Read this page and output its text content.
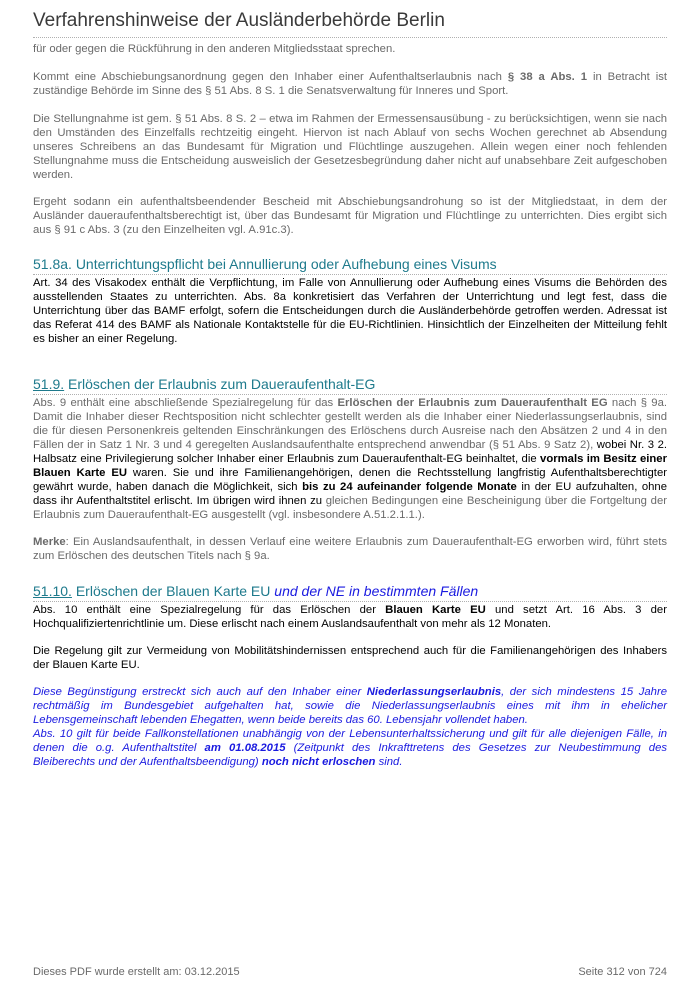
Verfahrenshinweise der Ausländerbehörde Berlin

für oder gegen die Rückführung in den anderen Mitgliedsstaat sprechen.

Kommt eine Abschiebungsanordnung gegen den Inhaber einer Aufenthaltserlaubnis nach § 38 a Abs. 1 in Betracht ist zuständige Behörde im Sinne des § 51 Abs. 8 S. 1 die Senatsverwaltung für Inneres und Sport.

Die Stellungnahme ist gem. § 51 Abs. 8 S. 2 – etwa im Rahmen der Ermessensausübung - zu berücksichtigen, wenn sie nach den Umständen des Einzelfalls rechtzeitig eingeht. Hiervon ist nach Ablauf von sechs Wochen gerechnet ab Absendung unseres Schreibens an das Bundesamt für Migration und Flüchtlinge auszugehen. Allein wegen einer noch fehlenden Stellungnahme muss die Entscheidung ausweislich der Gesetzesbegründung daher nicht auf unabsehbare Zeit aufgeschoben werden.

Ergeht sodann ein aufenthaltsbeendender Bescheid mit Abschiebungsandrohung so ist der Mitgliedstaat, in dem der Ausländer daueraufenthaltsberechtigt ist, über das Bundesamt für Migration und Flüchtlinge zu unterrichten. Dies ergibt sich aus § 91 c Abs. 3 (zu den Einzelheiten vgl. A.91c.3).

51.8a. Unterrichtungspflicht bei Annullierung oder Aufhebung eines Visums

Art. 34 des Visakodex enthält die Verpflichtung, im Falle von Annullierung oder Aufhebung eines Visums die Behörden des ausstellenden Staates zu unterrichten. Abs. 8a konkretisiert das Verfahren der Unterrichtung und legt fest, dass die Unterrichtung über das BAMF erfolgt, sofern die Entscheidungen durch die Ausländerbehörde getroffen werden. Adressat ist das Referat 414 des BAMF als Nationale Kontaktstelle für die EU-Richtlinien. Hinsichtlich der Einzelheiten der Mitteilung fehlt es bisher an einer Regelung.

51.9. Erlöschen der Erlaubnis zum Daueraufenthalt-EG

Abs. 9 enthält eine abschließende Spezialregelung für das Erlöschen der Erlaubnis zum Daueraufenthalt EG nach § 9a. Damit die Inhaber dieser Rechtsposition nicht schlechter gestellt werden als die Inhaber einer Niederlassungserlaubnis, sind die für diesen Personenkreis geltenden Einschränkungen des Erlöschens durch Ausreise nach den Absätzen 2 und 4 in den Fällen der in Satz 1 Nr. 3 und 4 geregelten Auslandsaufenthalte entsprechend anwendbar (§ 51 Abs. 9 Satz 2), wobei Nr. 3 2. Halbsatz eine Privilegierung solcher Inhaber einer Erlaubnis zum Daueraufenthalt-EG beinhaltet, die vormals im Besitz einer Blauen Karte EU waren. Sie und ihre Familienangehörigen, denen die Rechtsstellung langfristig Aufenthaltsberechtigter gewährt wurde, haben danach die Möglichkeit, sich bis zu 24 aufeinander folgende Monate in der EU aufzuhalten, ohne dass ihr Aufenthaltstitel erlischt. Im übrigen wird ihnen zu gleichen Bedingungen eine Bescheinigung über die Fortgeltung der Erlaubnis zum Daueraufenthalt-EG ausgestellt (vgl. insbesondere A.51.2.1.1.).

Merke: Ein Auslandsaufenthalt, in dessen Verlauf eine weitere Erlaubnis zum Daueraufenthalt-EG erworben wird, führt stets zum Erlöschen des deutschen Titels nach § 9a.

51.10. Erlöschen der Blauen Karte EU und der NE in bestimmten Fällen

Abs. 10 enthält eine Spezialregelung für das Erlöschen der Blauen Karte EU und setzt Art. 16 Abs. 3 der Hochqualifiziertenrichtlinie um. Diese erlischt nach einem Auslandsaufenthalt von mehr als 12 Monaten.

Die Regelung gilt zur Vermeidung von Mobilitätshindernissen entsprechend auch für die Familienangehörigen des Inhabers der Blauen Karte EU.

Diese Begünstigung erstreckt sich auch auf den Inhaber einer Niederlassungserlaubnis, der sich mindestens 15 Jahre rechtmäßig im Bundesgebiet aufgehalten hat, sowie die Niederlassungserlaubnis eines mit ihm in ehelicher Lebensgemeinschaft lebenden Ehegatten, wenn beide bereits das 60. Lebensjahr vollendet haben.

Abs. 10 gilt für beide Fallkonstellationen unabhängig von der Lebensunterhaltssicherung und gilt für alle diejenigen Fälle, in denen die o.g. Aufenthaltstitel am 01.08.2015 (Zeitpunkt des Inkrafttretens des Gesetzes zur Neubestimmung des Bleiberechts und der Aufenthaltsbeendigung) noch nicht erloschen sind.

Dieses PDF wurde erstellt am: 03.12.2015	Seite 312 von 724
